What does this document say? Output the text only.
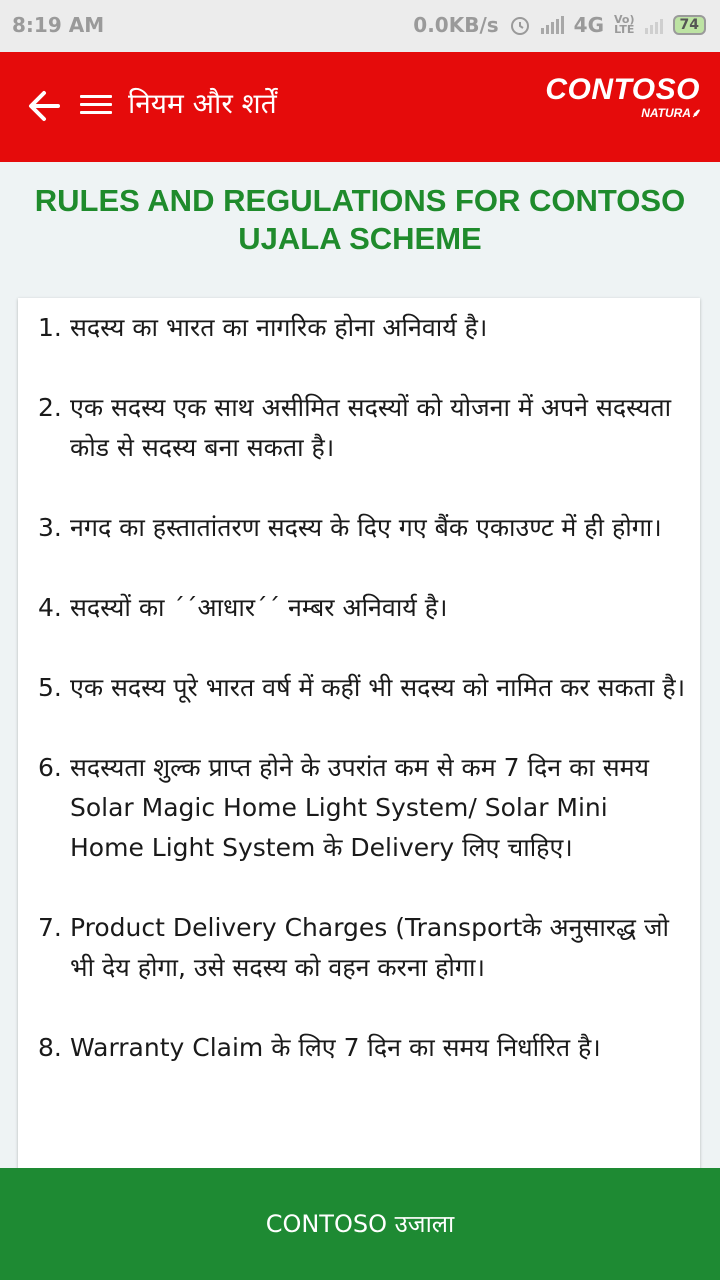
8:19 AM	0.0KB/s	4G Vo)
LTE	74
नियम और शर्तें	CONTOSO
NATURA⸙
RULES AND REGULATIONS FOR CONTOSO UJALA SCHEME
1. सदस्य का भारत का नागरिक होना अनिवार्य है।
2. एक सदस्य एक साथ असीमित सदस्यों को योजना में अपने सदस्यता कोड से सदस्य बना सकता है।
3. नगद का हस्तातांतरण सदस्य के दिए गए बैंक एकाउण्ट में ही होगा।
4. सदस्यों का ´´आधार´´ नम्बर अनिवार्य है।
5. एक सदस्य पूरे भारत वर्ष में कहीं भी सदस्य को नामित कर सकता है।
6. सदस्यता शुल्क प्राप्त होने के उपरांत कम से कम 7 दिन का समय Solar Magic Home Light System/ Solar Mini Home Light System के Delivery लिए चाहिए।
7. Product Delivery Charges (Transportके अनुसारद्ध जो भी देय होगा, उसे सदस्य को वहन करना होगा।
8. Warranty Claim के लिए 7 दिन का समय निर्धारित है।
CONTOSO उजाला
